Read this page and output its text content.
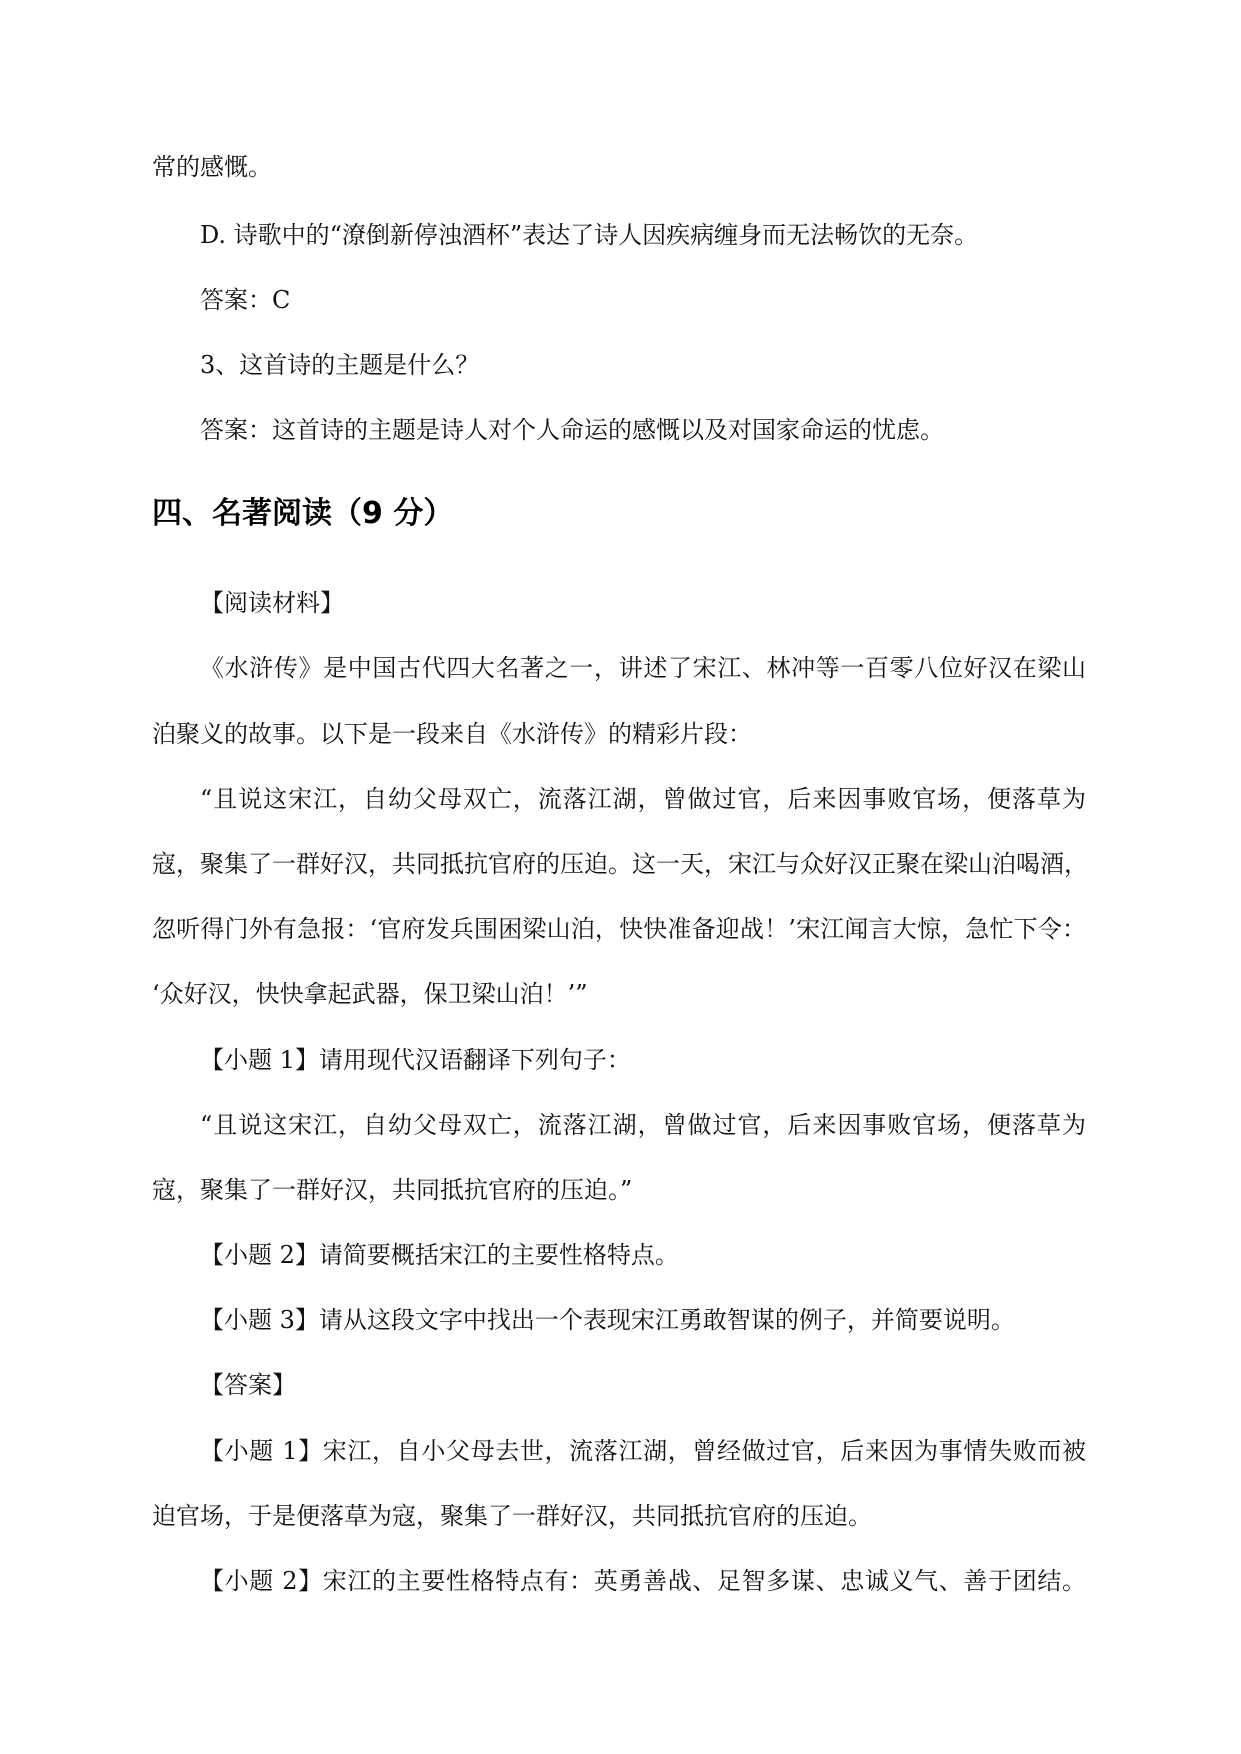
常的感慨。
D. 诗歌中的“潦倒新停浊酒杯”表达了诗人因疾病缠身而无法畅饮的无奈。
答案：C
3、这首诗的主题是什么？
答案：这首诗的主题是诗人对个人命运的感慨以及对国家命运的忧虑。
四、名著阅读（9 分）
【阅读材料】
《水浒传》是中国古代四大名著之一，讲述了宋江、林冲等一百零八位好汉在梁山
泊聚义的故事。以下是一段来自《水浒传》的精彩片段：
“且说这宋江，自幼父母双亡，流落江湖，曾做过官，后来因事败官场，便落草为
寇，聚集了一群好汉，共同抵抗官府的压迫。这一天，宋江与众好汉正聚在梁山泊喝酒，
忽听得门外有急报：‘官府发兵围困梁山泊，快快准备迎战！’宋江闻言大惊，急忙下令：
‘众好汉，快快拿起武器，保卫梁山泊！’”
【小题 1】请用现代汉语翻译下列句子：
“且说这宋江，自幼父母双亡，流落江湖，曾做过官，后来因事败官场，便落草为
寇，聚集了一群好汉，共同抵抗官府的压迫。”
【小题 2】请简要概括宋江的主要性格特点。
【小题 3】请从这段文字中找出一个表现宋江勇敢智谋的例子，并简要说明。
【答案】
【小题 1】宋江，自小父母去世，流落江湖，曾经做过官，后来因为事情失败而被
迫官场，于是便落草为寇，聚集了一群好汉，共同抵抗官府的压迫。
【小题 2】宋江的主要性格特点有：英勇善战、足智多谋、忠诚义气、善于团结。
